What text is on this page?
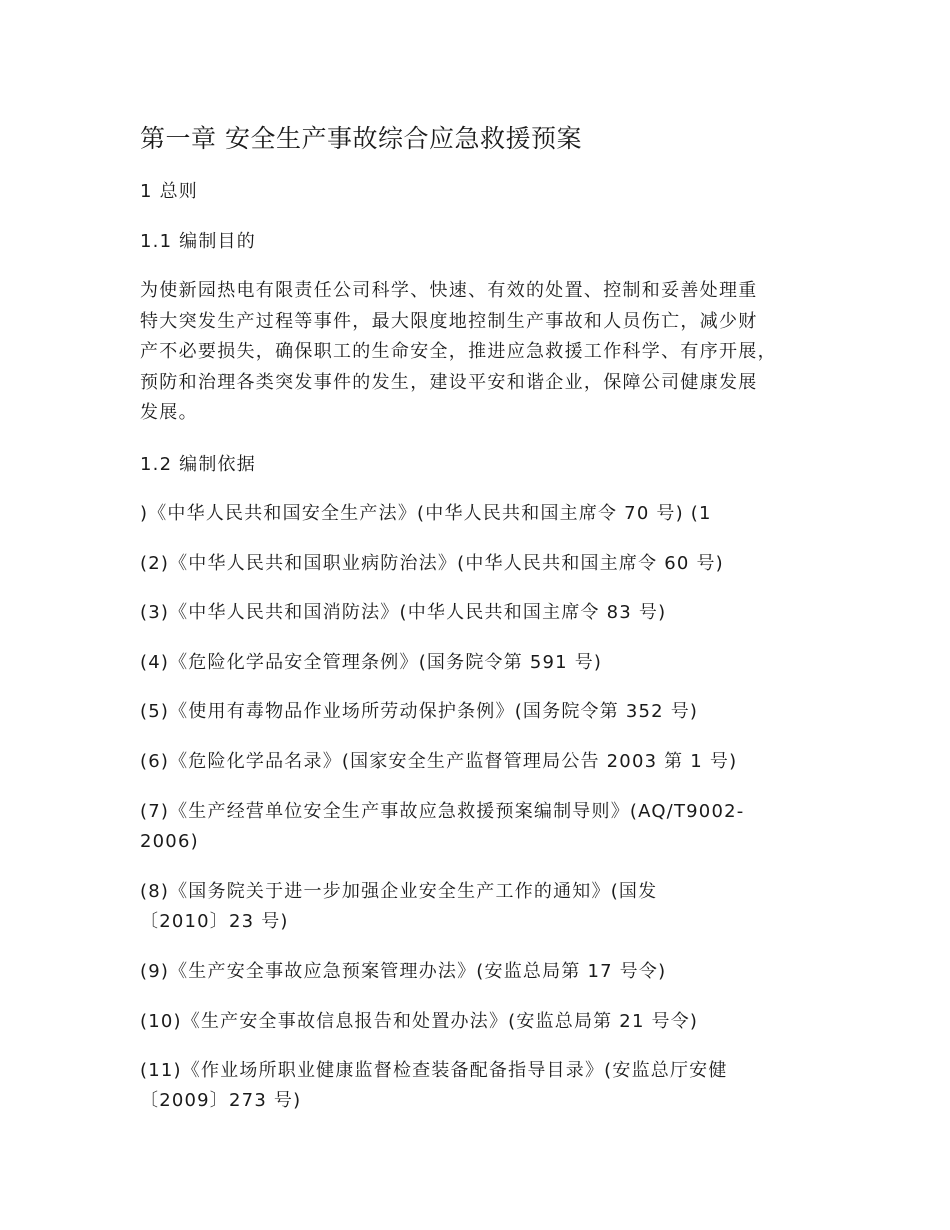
第一章 安全生产事故综合应急救援预案

1 总则

1.1 编制目的

为使新园热电有限责任公司科学、快速、有效的处置、控制和妥善处理重
特大突发生产过程等事件，最大限度地控制生产事故和人员伤亡，减少财
产不必要损失，确保职工的生命安全，推进应急救援工作科学、有序开展，
预防和治理各类突发事件的发生，建设平安和谐企业，保障公司健康发展
发展。

1.2 编制依据

)《中华人民共和国安全生产法》(中华人民共和国主席令 70 号) (1
(2)《中华人民共和国职业病防治法》(中华人民共和国主席令 60 号)
(3)《中华人民共和国消防法》(中华人民共和国主席令 83 号)
(4)《危险化学品安全管理条例》(国务院令第 591 号)
(5)《使用有毒物品作业场所劳动保护条例》(国务院令第 352 号)
(6)《危险化学品名录》(国家安全生产监督管理局公告 2003 第 1 号)
(7)《生产经营单位安全生产事故应急救援预案编制导则》(AQ/T9002-
2006)
(8)《国务院关于进一步加强企业安全生产工作的通知》(国发
〔2010〕23 号)
(9)《生产安全事故应急预案管理办法》(安监总局第 17 号令)
(10)《生产安全事故信息报告和处置办法》(安监总局第 21 号令)
(11)《作业场所职业健康监督检查装备配备指导目录》(安监总厅安健
〔2009〕273 号)
